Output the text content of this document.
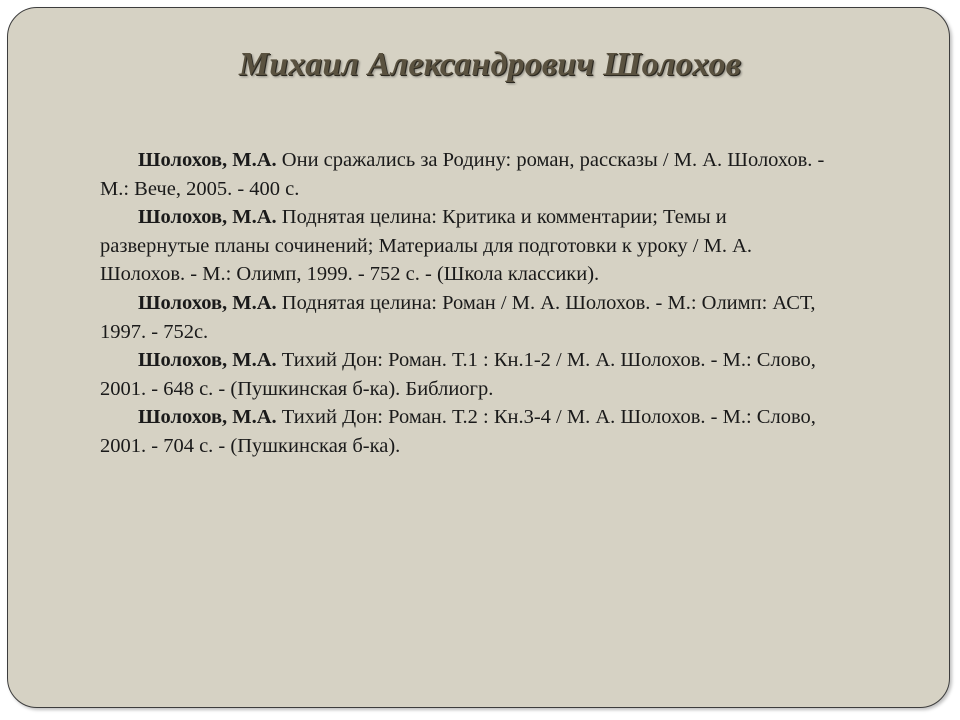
Михаил Александрович Шолохов

Шолохов, М.А. Они сражались за Родину: роман, рассказы / М. А. Шолохов. - М.: Вече, 2005. - 400 с.

Шолохов, М.А. Поднятая целина: Критика и комментарии; Темы и развернутые планы сочинений; Материалы для подготовки к уроку / М. А. Шолохов. - М.: Олимп, 1999. - 752 с. - (Школа классики).

Шолохов, М.А. Поднятая целина: Роман / М. А. Шолохов. - М.: Олимп: АСТ, 1997. - 752с.

Шолохов, М.А. Тихий Дон: Роман. Т.1 : Кн.1-2 / М. А. Шолохов. - М.: Слово, 2001. - 648 с. - (Пушкинская б-ка). Библиогр.

Шолохов, М.А. Тихий Дон: Роман. Т.2 : Кн.3-4 / М. А. Шолохов. - М.: Слово, 2001. - 704 с. - (Пушкинская б-ка).
